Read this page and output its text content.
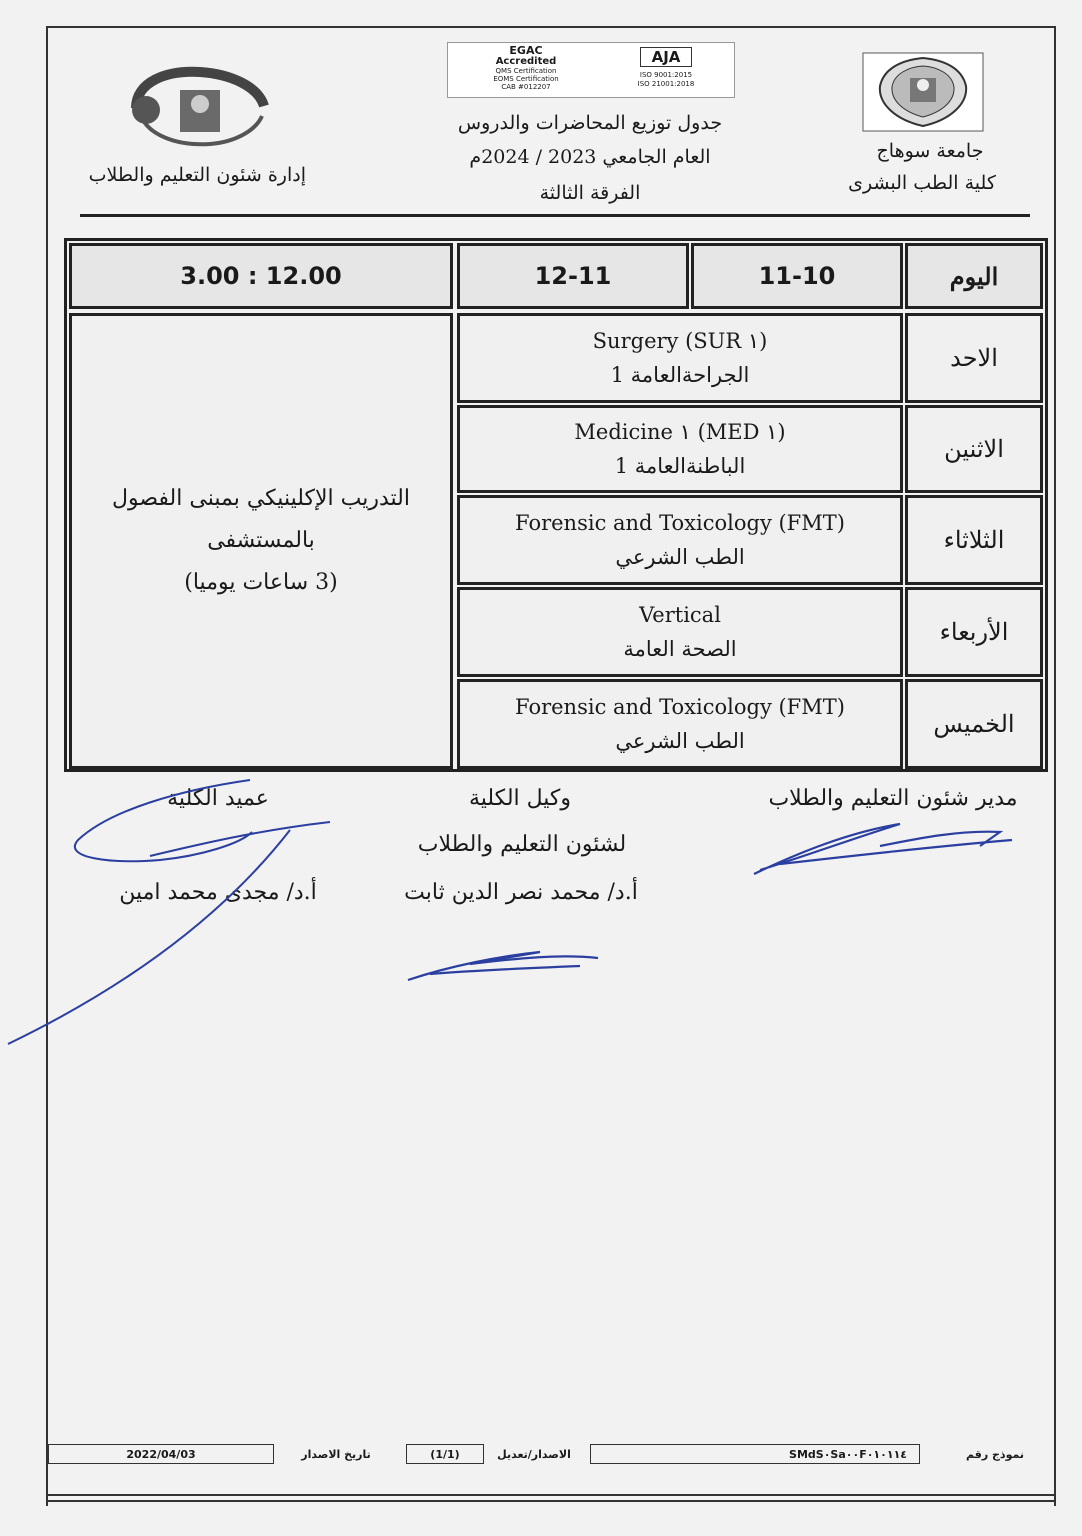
EGAC
Accredited
QMS Certification
EOMS Certification
CAB #012207
AJA
ISO 9001:2015
ISO 21001:2018
جامعة سوهاج
كلية الطب البشرى
جدول توزيع المحاضرات والدروس
العام الجامعي 2023 / 2024م
الفرقة الثالثة
إدارة شئون التعليم والطلاب
اليوم
11-10
12-11
3.00 : 12.00
الاحد
Surgery (SUR ١)
الجراحةالعامة 1
الاثنين
Medicine ١ (MED ١)
الباطنةالعامة 1
الثلاثاء
Forensic and Toxicology (FMT)
الطب الشرعي
الأربعاء
Vertical
الصحة العامة
الخميس
Forensic and Toxicology (FMT)
الطب الشرعي
التدريب الإكلينيكي بمبنى الفصول بالمستشفى
(3 ساعات يوميا)
مدير شئون التعليم والطلاب
وكيل الكلية
لشئون التعليم والطلاب
أ.د/ محمد نصر الدين ثابت
عميد الكلية
أ.د/ مجدى محمد امين
نموذج رقم
SMdS٠Sa٠٠F٠١٠١١٤
الاصدار/تعديل
(1/1)
تاريخ الاصدار
2022/04/03
